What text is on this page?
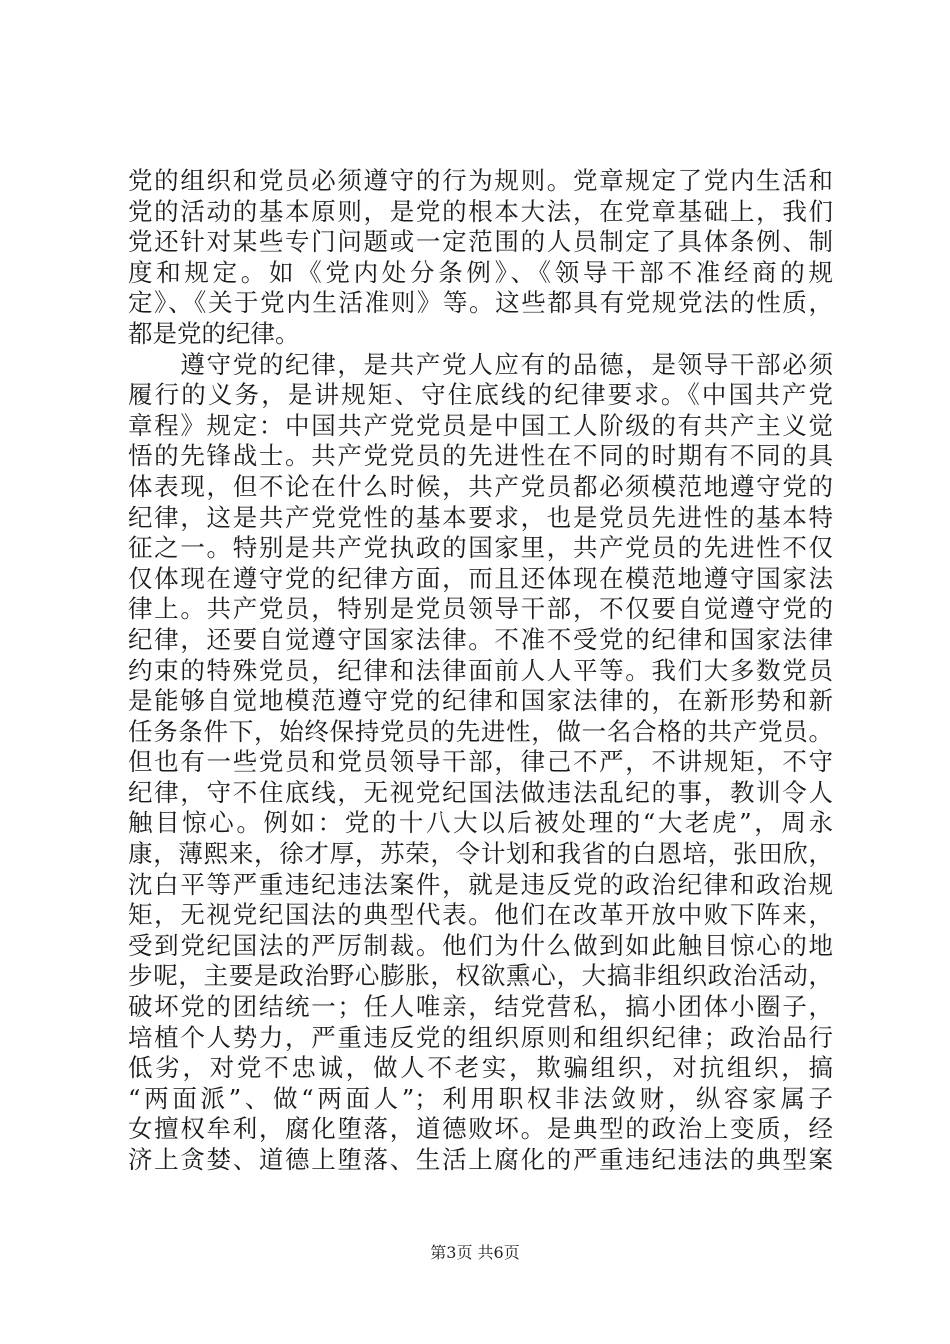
党的组织和党员必须遵守的行为规则。党章规定了党内生活和
党的活动的基本原则，是党的根本大法，在党章基础上，我们
党还针对某些专门问题或一定范围的人员制定了具体条例、制
度和规定。如《党内处分条例》、《领导干部不准经商的规
定》、《关于党内生活准则》等。这些都具有党规党法的性质，
都是党的纪律。
　　遵守党的纪律，是共产党人应有的品德，是领导干部必须
履行的义务，是讲规矩、守住底线的纪律要求。《中国共产党
章程》规定：中国共产党党员是中国工人阶级的有共产主义觉
悟的先锋战士。共产党党员的先进性在不同的时期有不同的具
体表现，但不论在什么时候，共产党员都必须模范地遵守党的
纪律，这是共产党党性的基本要求，也是党员先进性的基本特
征之一。特别是共产党执政的国家里，共产党员的先进性不仅
仅体现在遵守党的纪律方面，而且还体现在模范地遵守国家法
律上。共产党员，特别是党员领导干部，不仅要自觉遵守党的
纪律，还要自觉遵守国家法律。不准不受党的纪律和国家法律
约束的特殊党员，纪律和法律面前人人平等。我们大多数党员
是能够自觉地模范遵守党的纪律和国家法律的，在新形势和新
任务条件下，始终保持党员的先进性，做一名合格的共产党员。
但也有一些党员和党员领导干部，律己不严，不讲规矩，不守
纪律，守不住底线，无视党纪国法做违法乱纪的事，教训令人
触目惊心。例如：党的十八大以后被处理的“大老虎”，周永
康，薄熙来，徐才厚，苏荣，令计划和我省的白恩培，张田欣，
沈白平等严重违纪违法案件，就是违反党的政治纪律和政治规
矩，无视党纪国法的典型代表。他们在改革开放中败下阵来，
受到党纪国法的严厉制裁。他们为什么做到如此触目惊心的地
步呢，主要是政治野心膨胀，权欲熏心，大搞非组织政治活动，
破坏党的团结统一；任人唯亲，结党营私，搞小团体小圈子，
培植个人势力，严重违反党的组织原则和组织纪律；政治品行
低劣，对党不忠诚，做人不老实，欺骗组织，对抗组织，搞
“两面派”、做“两面人”；利用职权非法敛财，纵容家属子
女擅权牟利，腐化堕落，道德败坏。是典型的政治上变质，经
济上贪婪、道德上堕落、生活上腐化的严重违纪违法的典型案
第3页 共6页
